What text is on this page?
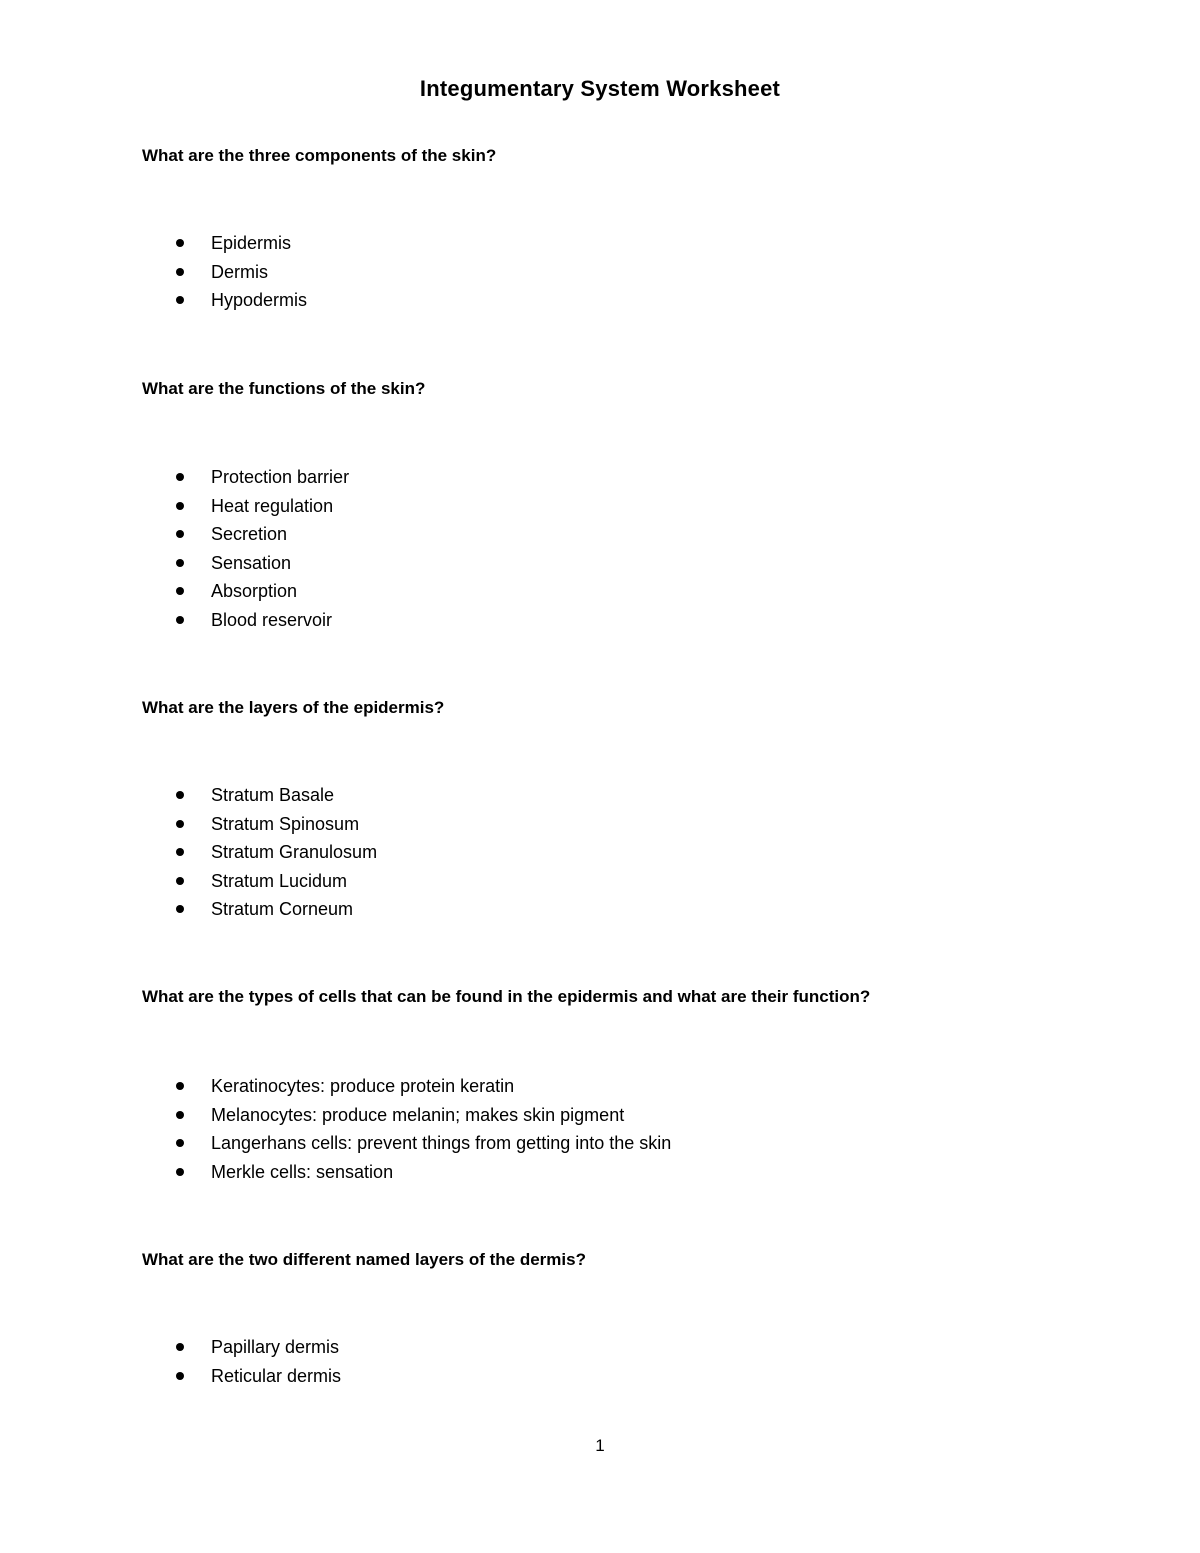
Integumentary System Worksheet
What are the three components of the skin?
Epidermis
Dermis
Hypodermis
What are the functions of the skin?
Protection barrier
Heat regulation
Secretion
Sensation
Absorption
Blood reservoir
What are the layers of the epidermis?
Stratum Basale
Stratum Spinosum
Stratum Granulosum
Stratum Lucidum
Stratum Corneum
What are the types of cells that can be found in the epidermis and what are their function?
Keratinocytes: produce protein keratin
Melanocytes: produce melanin; makes skin pigment
Langerhans cells: prevent things from getting into the skin
Merkle cells: sensation
What are the two different named layers of the dermis?
Papillary dermis
Reticular dermis
1
